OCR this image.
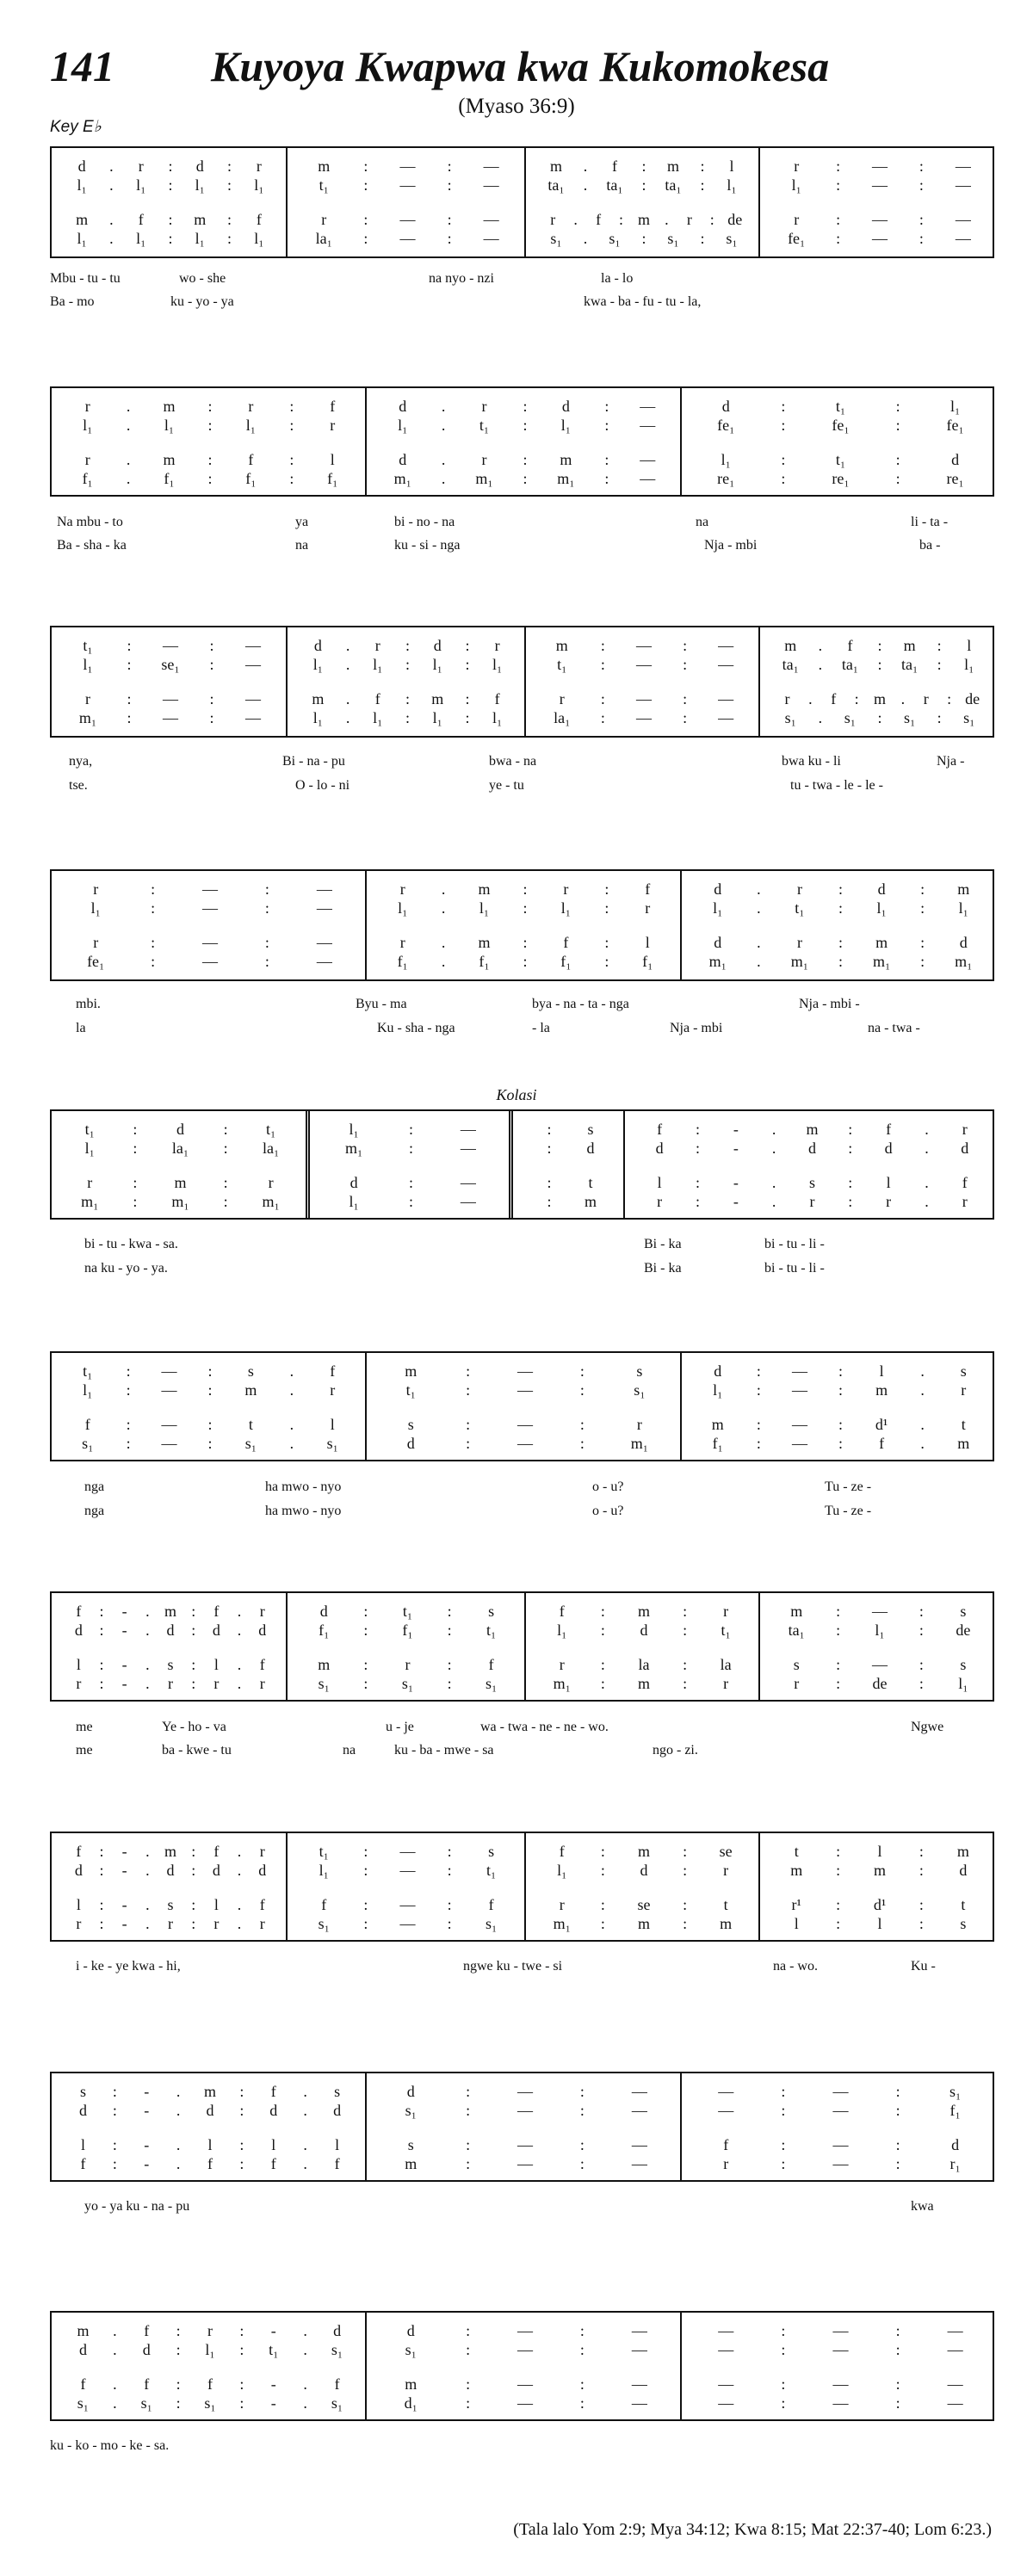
141 Kuyoya Kwapwa kwa Kukomokesa
(Myaso 36:9)
Key E♭
d	.	r	:	d	:	r
l₁	.	l₁	:	l₁	:	l₁
m	.	f	:	m	:	f
l₁	.	l₁	:	l₁	:	l₁
m	:	—	:	—
t₁	:	—	:	—
r	:	—	:	—
la₁	:	—	:	—
m	.	f	:	m	:	l
ta₁	.	ta₁	:	ta₁	:	l₁
r	.	f	: m .	r	: de
s₁	.	s₁	:	s₁	:	s₁
r	:	—	:	—
l₁	:	—	:	—
r	:	—	:	—
fe₁	:	—	:	—
Mbu - tu - tu	wo - she	na nyo - nzi	la - lo
Ba - mo	ku - yo - ya	kwa - ba - fu - tu - la,
r	.	m	:	r	:	f
l₁	.	l₁	:	l₁	:	r
r	.	m	:	f	:	l
f₁	.	f₁	:	f₁	:	f₁
d	.	r	:	d	:	—
l₁	.	t₁	:	l₁	:	—
d	.	r	:	m	:	—
m₁	.	m₁	:	m₁	:	—
d	:	t₁	:	l₁
fe₁	:	fe₁	:	fe₁
l₁	:	t₁	:	d
re₁	:	re₁	:	re₁
Na mbu - to	ya	bi - no - na	na	li - ta -
Ba - sha - ka	na	ku - si - nga	Nja - mbi	ba -
t₁	:	—	:	—
l₁	:	se₁	:	—
r	:	—	:	—
m₁	:	—	:	—
d	.	r	:	d	:	r
l₁	.	l₁	:	l₁	:	l₁
m	.	f	:	m	:	f
l₁	.	l₁	:	l₁	:	l₁
m	:	—	:	—
t₁	:	—	:	—
r	:	—	:	—
la₁	:	—	:	—
m	.	f	:	m	:	l
ta₁	.	ta₁	:	ta₁	:	l₁
r	.	f	: m .	r	: de
s₁	.	s₁	:	s₁	:	s₁
nya,	Bi - na - pu	bwa - na	bwa ku - li	Nja -
tse.	O - lo - ni	ye - tu	tu - twa - le - le -
r	:	—	:	—
l₁	:	—	:	—
r	:	—	:	—
fe₁	:	—	:	—
r	.	m	:	r	:	f
l₁	.	l₁	:	l₁	:	r
r	.	m	:	f	:	l
f₁	.	f₁	:	f₁	:	f₁
d	.	r	:	d	:	m
l₁	.	t₁	:	l₁	:	l₁
d	.	r	:	m	:	d
m₁	.	m₁	:	m₁	:	m₁
mbi.	Byu - ma	bya - na - ta - nga	Nja - mbi -
la	Ku - sha - nga	- la	Nja - mbi	na - twa -
t₁	:	d	:	t₁
l₁	:	la₁	:	la₁
r	:	m	:	r
m₁	:	m₁	:	m₁
l₁	:	—
m₁	:	—
d	:	—
l₁	:	—
:	s
:	d
:	t
:	m
f	:	-	.	m	:	f	.	r
d	:	-	.	d	:	d	.	d
l	:	-	.	s	:	l	.	f
r	:	-	.	r	:	r	.	r
bi - tu - kwa - sa.	Bi - ka	bi - tu - li -
na ku - yo - ya.	Bi - ka	bi - tu - li -
t₁	:	—	:	s	.	f
l₁	:	—	:	m	.	r
f	:	—	:	t	.	l
s₁	:	—	:	s₁	.	s₁
m	:	—	:	s
t₁	:	—	:	s₁
s	:	—	:	r
d	:	—	:	m₁
d	:	—	:	l	.	s
l₁	:	—	:	m	.	r
m	:	—	:	d¹	.	t
f₁	:	—	:	f	.	m
nga	ha mwo - nyo	o - u?	Tu - ze -
nga	ha mwo - nyo	o - u?	Tu - ze -
f	:	-	. m :	f	.	r
d	:	-	.	d	:	d	.	d
l	:	-	.	s	:	l	.	f
r	:	-	.	r	:	r	.	r
d	:	t₁	:	s
f₁	:	f₁	:	t₁
m	:	r	:	f
s₁	:	s₁	:	s₁
f	:	m	:	r
l₁	:	d	:	t₁
r	:	la	:	la
m₁	:	m	:	r
m	:	—	:	s
ta₁	:	l₁	:	de
s	:	—	:	s
r	:	de	:	l₁
me	Ye - ho - va	u - je	wa - twa - ne - ne - wo.	Ngwe
me	ba - kwe - tu	na	ku - ba - mwe - sa	ngo - zi.
f	:	-	. m :	f	.	r
d	:	-	.	d	:	d	.	d
l	:	-	.	s	:	l	.	f
r	:	-	.	r	:	r	.	r
t₁	:	—	:	s
l₁	:	—	:	t₁
f	:	—	:	f
s₁	:	—	:	s₁
f	:	m	:	se
l₁	:	d	:	r
r	:	se	:	t
m₁	:	m	:	m
t	:	l	:	m
m	:	m	:	d
r¹	:	d¹	:	t
l	:	l	:	s
i - ke - ye kwa - hi,	ngwe ku - twe - si	na - wo.	Ku -
s	:	-	.	m	:	f	.	s
d	:	-	.	d	:	d	.	d
l	:	-	.	l	:	l	.	l
f	:	-	.	f	:	f	.	f
d	:	—	:	—
s₁	:	—	:	—
s	:	—	:	—
m	:	—	:	—
—	:	—	:	s₁
—	:	—	:	f₁
f	:	—	:	d
r	:	—	:	r₁
yo - ya ku - na - pu	kwa
m	.	f	:	r	:	-	.	d
d	.	d	:	l₁	:	t₁	.	s₁
f	.	f	:	f	:	-	.	f
s₁	.	s₁	:	s₁	:	-	.	s₁
d	:	—	:	—
s₁	:	—	:	—
m	:	—	:	—
d₁	:	—	:	—
—	:	—	:	—
—	:	—	:	—
—	:	—	:	—
—	:	—	:	—
ku - ko - mo - ke - sa.
Kolasi
(Tala lalo Yom 2:9; Mya 34:12; Kwa 8:15; Mat 22:37-40; Lom 6:23.)
